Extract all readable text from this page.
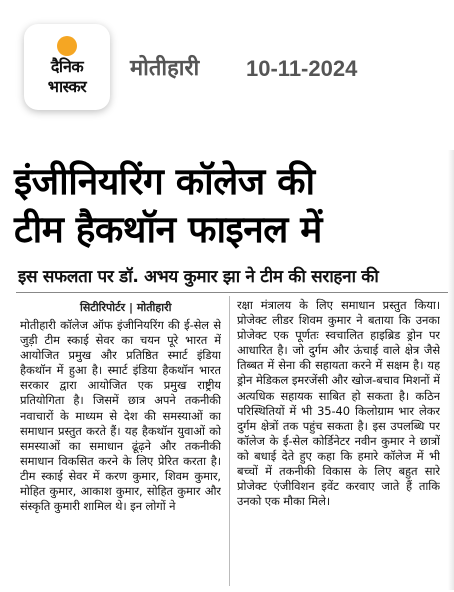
दैनिक
भास्कर
मोतीहारी 10-11-2024
इंजीनियरिंग कॉलेज की
टीम हैकथॉन फाइनल में
इस सफलता पर डॉ. अभय कुमार झा ने टीम की सराहना की
सिटीरिपोर्टर | मोतीहारी
मोतीहारी कॉलेज ऑफ इंजीनियरिंग की ई-सेल से जुड़ी टीम स्काई सेवर का चयन पूरे भारत में आयोजित प्रमुख और प्रतिष्ठित स्मार्ट इंडिया हैकथॉन में हुआ है। स्मार्ट इंडिया हैकथॉन भारत सरकार द्वारा आयोजित एक प्रमुख राष्ट्रीय प्रतियोगिता है। जिसमें छात्र अपने तकनीकी नवाचारों के माध्यम से देश की समस्याओं का समाधान प्रस्तुत करते हैं। यह हैकथॉन युवाओं को समस्याओं का समाधान ढूंढ़ने और तकनीकी समाधान विकसित करने के लिए प्रेरित करता है। टीम स्काई सेवर में करण कुमार, शिवम कुमार, मोहित कुमार, आकाश कुमार, सोहित कुमार और संस्कृति कुमारी शामिल थे। इन लोगों ने
रक्षा मंत्रालय के लिए समाधान प्रस्तुत किया। प्रोजेक्ट लीडर शिवम कुमार ने बताया कि उनका प्रोजेक्ट एक पूर्णतः स्वचालित हाइब्रिड ड्रोन पर आधारित है। जो दुर्गम और ऊंचाई वाले क्षेत्र जैसे तिब्बत में सेना की सहायता करने में सक्षम है। यह ड्रोन मेडिकल इमरजेंसी और खोज-बचाव मिशनों में अत्यधिक सहायक साबित हो सकता है। कठिन परिस्थितियों में भी 35-40 किलोग्राम भार लेकर दुर्गम क्षेत्रों तक पहुंच सकता है। इस उपलब्धि पर कॉलेज के ई-सेल कोर्डिनेटर नवीन कुमार ने छात्रों को बधाई देते हुए कहा कि हमारे कॉलेज में भी बच्चों में तकनीकी विकास के लिए बहुत सारे प्रोजेक्ट एंजीविशन इवेंट करवाए जाते हैं ताकि उनको एक मौका मिले।
